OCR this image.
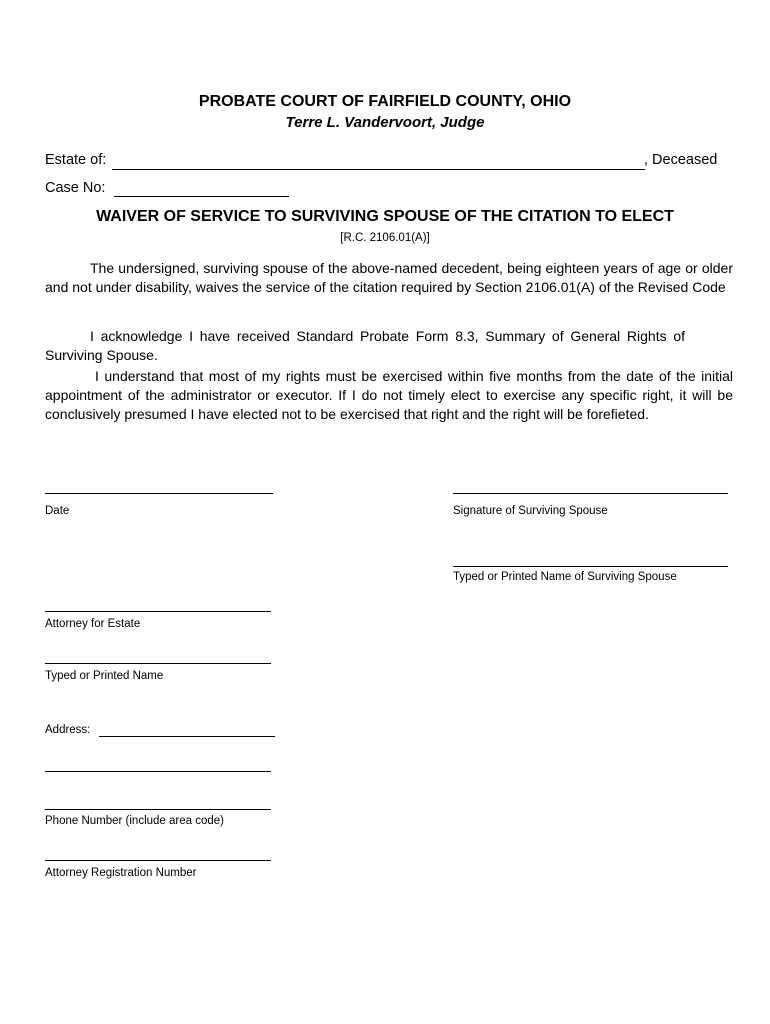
PROBATE COURT OF FAIRFIELD COUNTY, OHIO
Terre L. Vandervoort, Judge
Estate of:	, Deceased
Case No:
WAIVER OF SERVICE TO SURVIVING SPOUSE OF THE CITATION TO ELECT
[R.C. 2106.01(A)]

The undersigned, surviving spouse of the above-named decedent, being eighteen years of age or older and not under disability, waives the service of the citation required by Section 2106.01(A) of the Revised Code

I acknowledge I have received Standard Probate Form 8.3, Summary of General Rights of Surviving Spouse.

I understand that most of my rights must be exercised within five months from the date of the initial appointment of the administrator or executor. If I do not timely elect to exercise any specific right, it will be conclusively presumed I have elected not to be exercised that right and the right will be forefieted.

Date	Signature of Surviving Spouse
Typed or Printed Name of Surviving Spouse
Attorney for Estate
Typed or Printed Name
Address:
Phone Number (include area code)
Attorney Registration Number
